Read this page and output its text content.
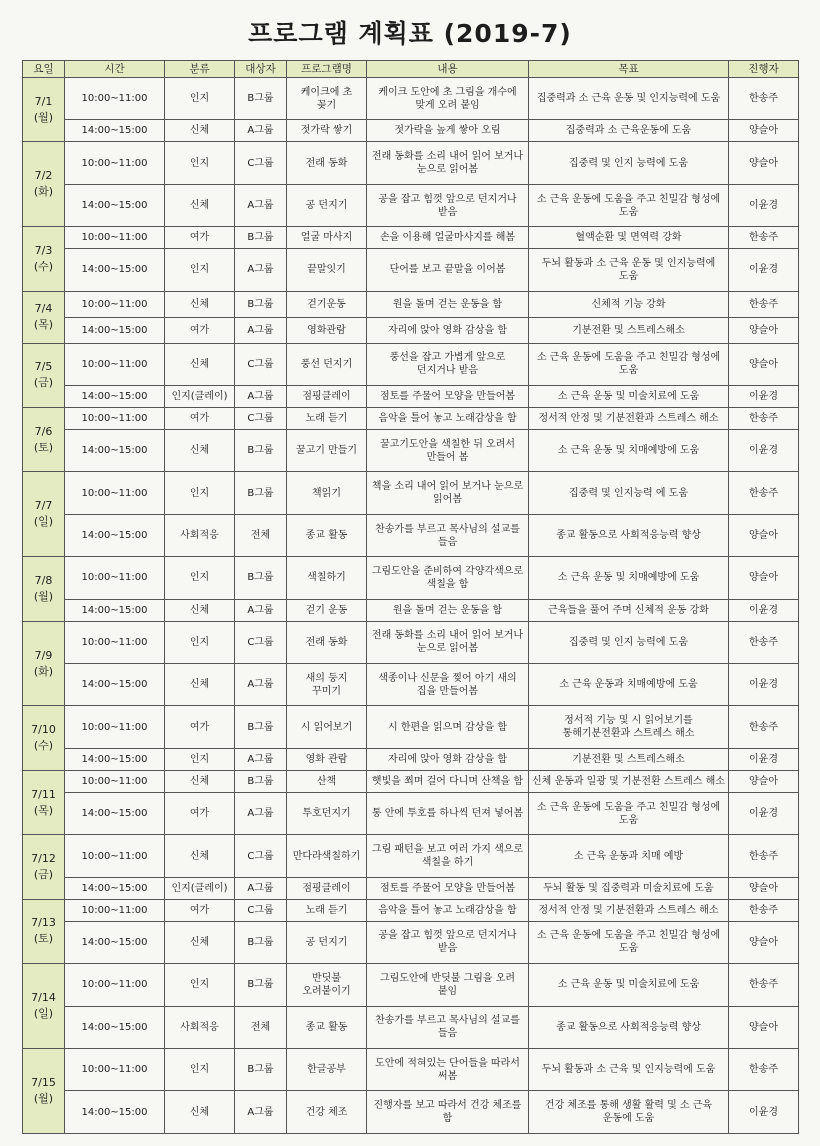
프로그램 계획표 (2019-7)
요일	시간	분류	대상자	프로그램명	내용	목표	진행자

7/1
(월)	10:00~11:00	인지	B그룹	케이크에 초 꽂기	케이크 도안에 초 그림을 개수에 맞게 오려 붙임	집중력과 소 근육 운동 및 인지능력에 도움	한송주
	14:00~15:00	신체	A그룹	젓가락 쌓기	젓가락을 높게 쌓아 오림	집중력과 소 근육운동에 도움	양슬아

7/2
(화)	10:00~11:00	인지	C그룹	전래 동화	전래 동화를 소리 내어 읽어 보거나 눈으로 읽어봄	집중력 및 인지 능력에 도움	양슬아
	14:00~15:00	신체	A그룹	공 던지기	공을 잡고 힘껏 앞으로 던지거나 받음	소 근육 운동에 도움을 주고 친밀감 형성에 도움	이윤경

7/3
(수)	10:00~11:00	여가	B그룹	얼굴 마사지	손을 이용해 얼굴마사지를 해봄	혈액순환 및 면역력 강화	한송주
	14:00~15:00	인지	A그룹	끝말잇기	단어를 보고 끝말을 이어봄	두뇌 활동과 소 근육 운동 및 인지능력에 도움	이윤경

7/4
(목)	10:00~11:00	신체	B그룹	걷기운동	원을 돌며 걷는 운동을 함	신체적 기능 강화	한송주
	14:00~15:00	여가	A그룹	영화관람	자리에 앉아 영화 감상을 함	기분전환 및 스트레스해소	양슬아

7/5
(금)	10:00~11:00	신체	C그룹	풍선 던지기	풍선을 잡고 가볍게 앞으로 던지거나 받음	소 근육 운동에 도움을 주고 친밀감 형성에 도움	양슬아
	14:00~15:00	인지(클레이)	A그룹	점핑클레이	점토를 주물어 모양을 만들어봄	소 근육 운동 및 미술치료에 도움	이윤경

7/6
(토)	10:00~11:00	여가	C그룹	노래 듣기	음악을 틀어 놓고 노래감상을 함	정서적 안정 및 기분전환과 스트레스 해소	한송주
	14:00~15:00	신체	B그룹	꿀고기 만들기	꿀고기도안을 색칠한 뒤 오려서 만들어 봄	소 근육 운동 및 치매예방에 도움	이윤경

7/7
(일)	10:00~11:00	인지	B그룹	책읽기	책을 소리 내어 읽어 보거나 눈으로 읽어봄	집중력 및 인지능력 에 도움	한송주
	14:00~15:00	사회적응	전체	종교 활동	찬송가를 부르고 목사님의 설교를 들음	종교 활동으로 사회적응능력 향상	양슬아

7/8
(월)	10:00~11:00	인지	B그룹	색칠하기	그림도안을 준비하여 각양각색으로 색칠을 함	소 근육 운동 및 치매예방에 도움	양슬아
	14:00~15:00	신체	A그룹	걷기 운동	원을 돌며 걷는 운동을 함	근육들을 풀어 주며 신체적 운동 강화	이윤경

7/9
(화)	10:00~11:00	인지	C그룹	전래 동화	전래 동화를 소리 내어 읽어 보거나 눈으로 읽어봄	집중력 및 인지 능력에 도움	한송주
	14:00~15:00	신체	A그룹	새의 둥지 꾸미기	색종이나 신문을 찢어 아기 새의 집을 만들어봄	소 근육 운동과 치매예방에 도움	이윤경

7/10
(수)	10:00~11:00	여가	B그룹	시 읽어보기	시 한편을 읽으며 감상을 함	정서적 기능 및 시 읽어보기를 통해기분전환과 스트레스 해소	한송주
	14:00~15:00	인지	A그룹	영화 관람	자리에 앉아 영화 감상을 함	기분전환 및 스트레스해소	이윤경

7/11
(목)	10:00~11:00	신체	B그룹	산책	햇빛을 쬐며 걸어 다니며 산책을 함	신체 운동과 일광 및 기분전환 스트레스 해소	양슬아
	14:00~15:00	여가	A그룹	투호던지기	통 안에 투호를 하나씩 던져 넣어봄	소 근육 운동에 도움을 주고 친밀감 형성에 도움	이윤경

7/12
(금)	10:00~11:00	신체	C그룹	만다라색칠하기	그림 패턴을 보고 여러 가지 색으로 색칠을 하기	소 근육 운동과 치매 예방	한송주
	14:00~15:00	인지(클레이)	A그룹	점핑클레이	점토를 주물어 모양을 만들어봄	두뇌 활동 및 집중력과 미술치료에 도움	양슬아

7/13
(토)	10:00~11:00	여가	C그룹	노래 듣기	음악을 틀어 놓고 노래감상을 함	정서적 안정 및 기분전환과 스트레스 해소	한송주
	14:00~15:00	신체	B그룹	공 던지기	공을 잡고 힘껏 앞으로 던지거나 받음	소 근육 운동에 도움을 주고 친밀감 형성에 도움	양슬아

7/14
(일)	10:00~11:00	인지	B그룹	반딧불 오려붙이기	그림도안에 반딧불 그림을 오려 붙임	소 근육 운동 및 미술치료에 도움	한송주
	14:00~15:00	사회적응	전체	종교 활동	찬송가를 부르고 목사님의 설교를 들음	종교 활동으로 사회적응능력 향상	양슬아

7/15
(월)	10:00~11:00	인지	B그룹	한글공부	도안에 적혀있는 단어들을 따라서 써봄	두뇌 활동과 소 근육 및 인지능력에 도움	한송주
	14:00~15:00	신체	A그룹	건강 체조	진행자를 보고 따라서 건강 체조를 함	건강 체조를 통해 생활 활력 및 소 근육 운동에 도움	이윤경
